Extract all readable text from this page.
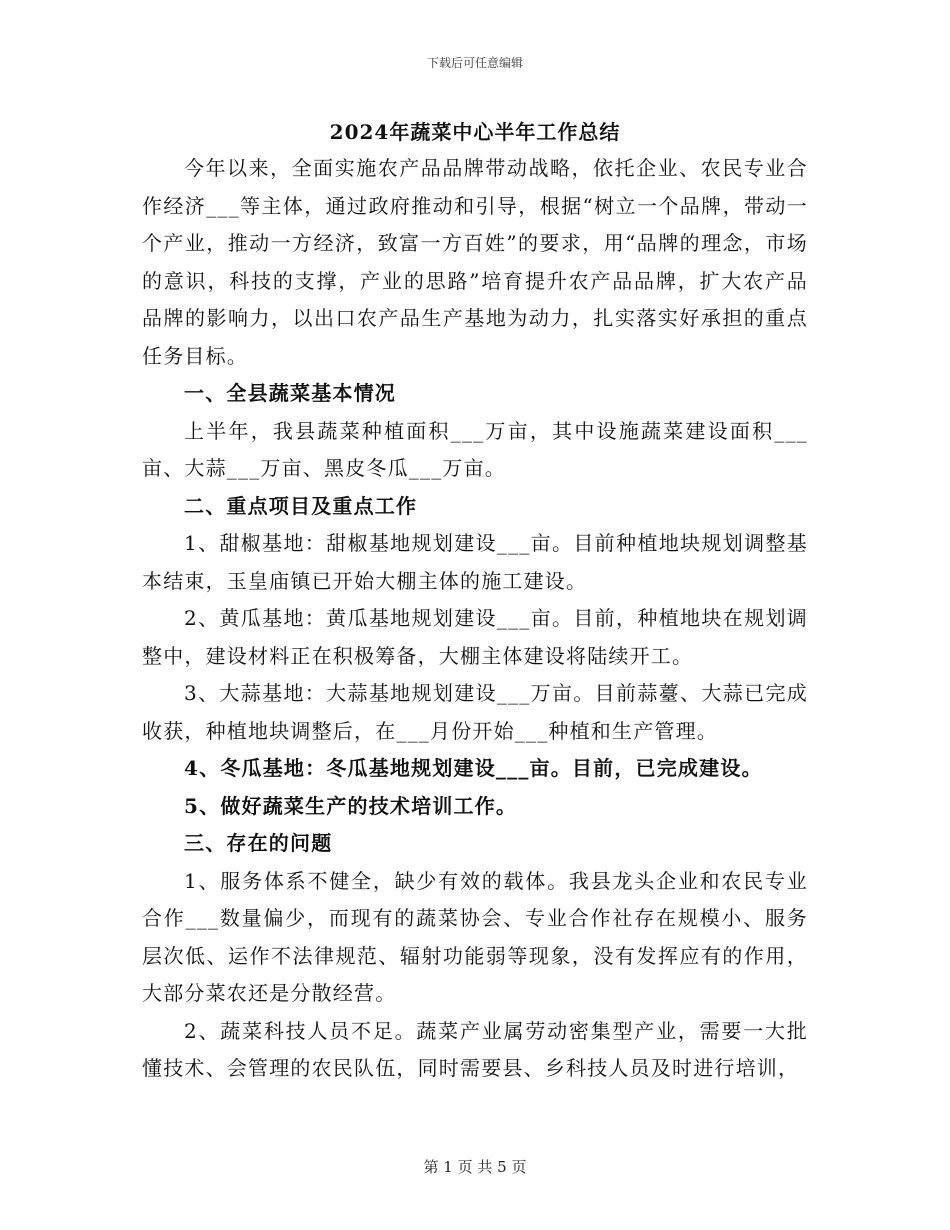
下载后可任意编辑
2024年蔬菜中心半年工作总结

今年以来，全面实施农产品品牌带动战略，依托企业、农民专业合作经济___等主体，通过政府推动和引导，根据“树立一个品牌，带动一个产业，推动一方经济，致富一方百姓”的要求，用“品牌的理念，市场的意识，科技的支撑，产业的思路”培育提升农产品品牌，扩大农产品品牌的影响力，以出口农产品生产基地为动力，扎实落实好承担的重点任务目标。

一、全县蔬菜基本情况

上半年，我县蔬菜种植面积___万亩，其中设施蔬菜建设面积___亩、大蒜___万亩、黑皮冬瓜___万亩。

二、重点项目及重点工作

1、甜椒基地：甜椒基地规划建设___亩。目前种植地块规划调整基本结束，玉皇庙镇已开始大棚主体的施工建设。

2、黄瓜基地：黄瓜基地规划建设___亩。目前，种植地块在规划调整中，建设材料正在积极筹备，大棚主体建设将陆续开工。

3、大蒜基地：大蒜基地规划建设___万亩。目前蒜薹、大蒜已完成收获，种植地块调整后，在___月份开始___种植和生产管理。

4、冬瓜基地：冬瓜基地规划建设___亩。目前，已完成建设。

5、做好蔬菜生产的技术培训工作。

三、存在的问题

1、服务体系不健全，缺少有效的载体。我县龙头企业和农民专业合作___数量偏少，而现有的蔬菜协会、专业合作社存在规模小、服务层次低、运作不法律规范、辐射功能弱等现象，没有发挥应有的作用，大部分菜农还是分散经营。

2、蔬菜科技人员不足。蔬菜产业属劳动密集型产业，需要一大批懂技术、会管理的农民队伍，同时需要县、乡科技人员及时进行培训，

第 1 页 共 5 页
